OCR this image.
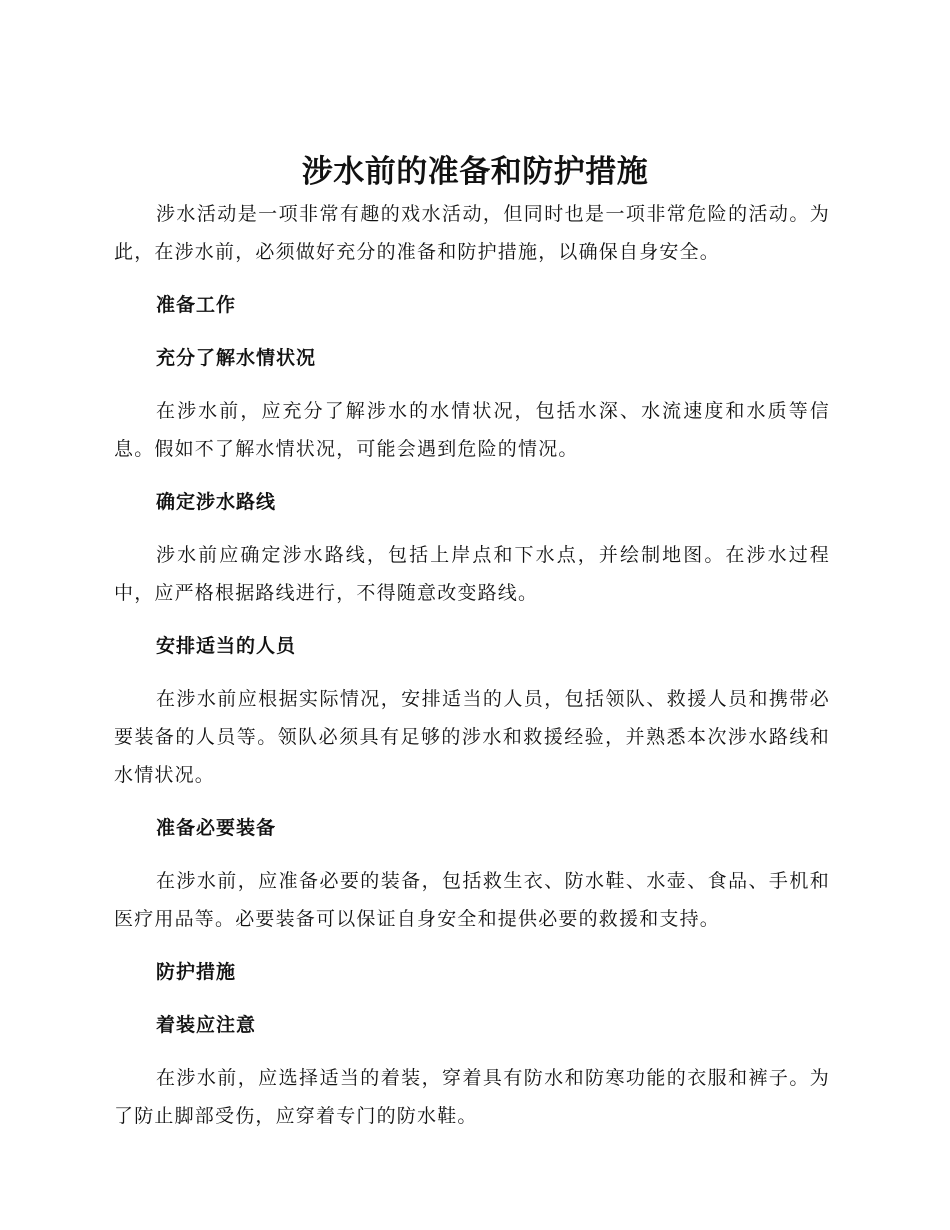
涉水前的准备和防护措施

涉水活动是一项非常有趣的戏水活动，但同时也是一项非常危险的活动。为此，在涉水前，必须做好充分的准备和防护措施，以确保自身安全。

准备工作

充分了解水情状况

在涉水前，应充分了解涉水的水情状况，包括水深、水流速度和水质等信息。假如不了解水情状况，可能会遇到危险的情况。

确定涉水路线

涉水前应确定涉水路线，包括上岸点和下水点，并绘制地图。在涉水过程中，应严格根据路线进行，不得随意改变路线。

安排适当的人员

在涉水前应根据实际情况，安排适当的人员，包括领队、救援人员和携带必要装备的人员等。领队必须具有足够的涉水和救援经验，并熟悉本次涉水路线和水情状况。

准备必要装备

在涉水前，应准备必要的装备，包括救生衣、防水鞋、水壶、食品、手机和医疗用品等。必要装备可以保证自身安全和提供必要的救援和支持。

防护措施

着装应注意

在涉水前，应选择适当的着装，穿着具有防水和防寒功能的衣服和裤子。为了防止脚部受伤，应穿着专门的防水鞋。
